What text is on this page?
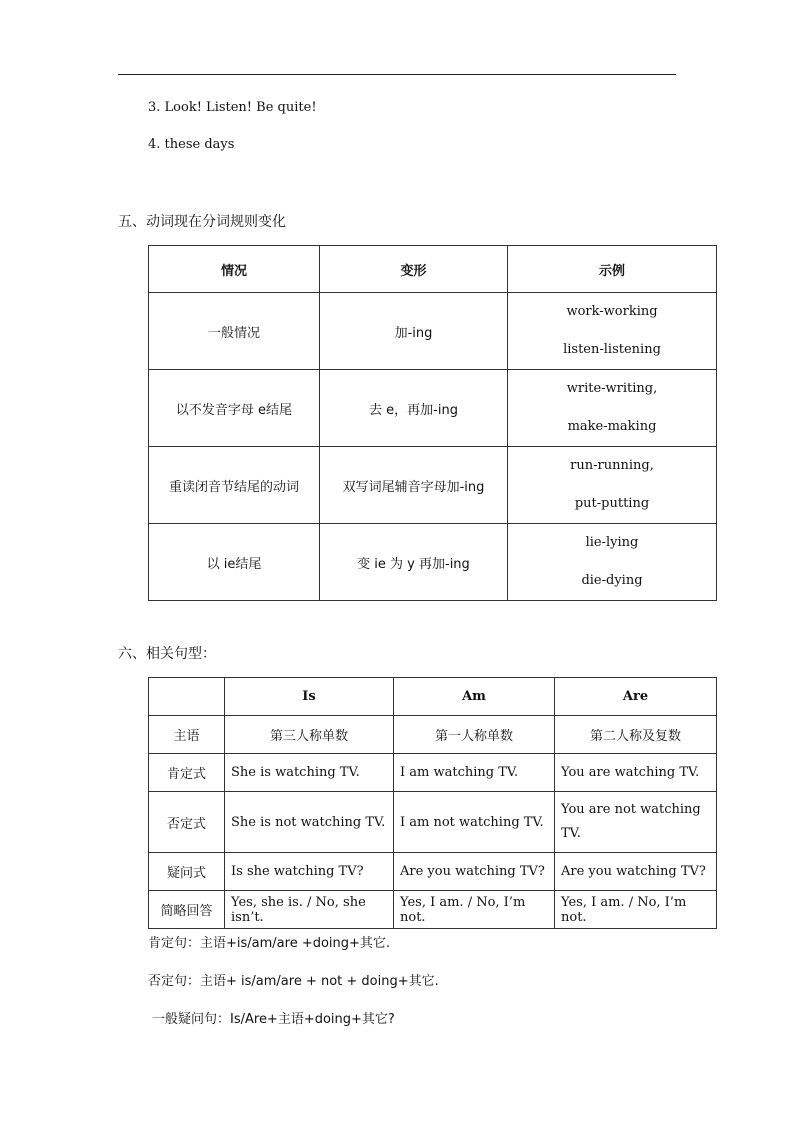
3. Look! Listen! Be quite!
4. these days
五、动词现在分词规则变化
情况	变形	示例
一般情况	加-ing	work-working
listen-listening

以不发音字母 e结尾	去 e，再加-ing	write-writing,
make-making

重读闭音节结尾的动词	双写词尾辅音字母加-ing	run-running,
put-putting

以 ie结尾	变 ie 为 y 再加-ing	lie-lying
die-dying
六、相关句型：
	Is	Am	Are
主语	第三人称单数	第一人称单数	第二人称及复数
肯定式	She is watching TV.	I am watching TV.	You are watching TV.
否定式	She is not watching TV.	I am not watching TV.	You are not watching TV.
疑问式	Is she watching TV?	Are you watching TV?	Are you watching TV?
简略回答	Yes, she is. / No, she isn’t.	Yes, I am. / No, I’m not.	Yes, I am. / No, I’m not.
肯定句：主语+is/am/are +doing+其它.
否定句：主语+ is/am/are + not + doing+其它.
一般疑问句：Is/Are+主语+doing+其它?
